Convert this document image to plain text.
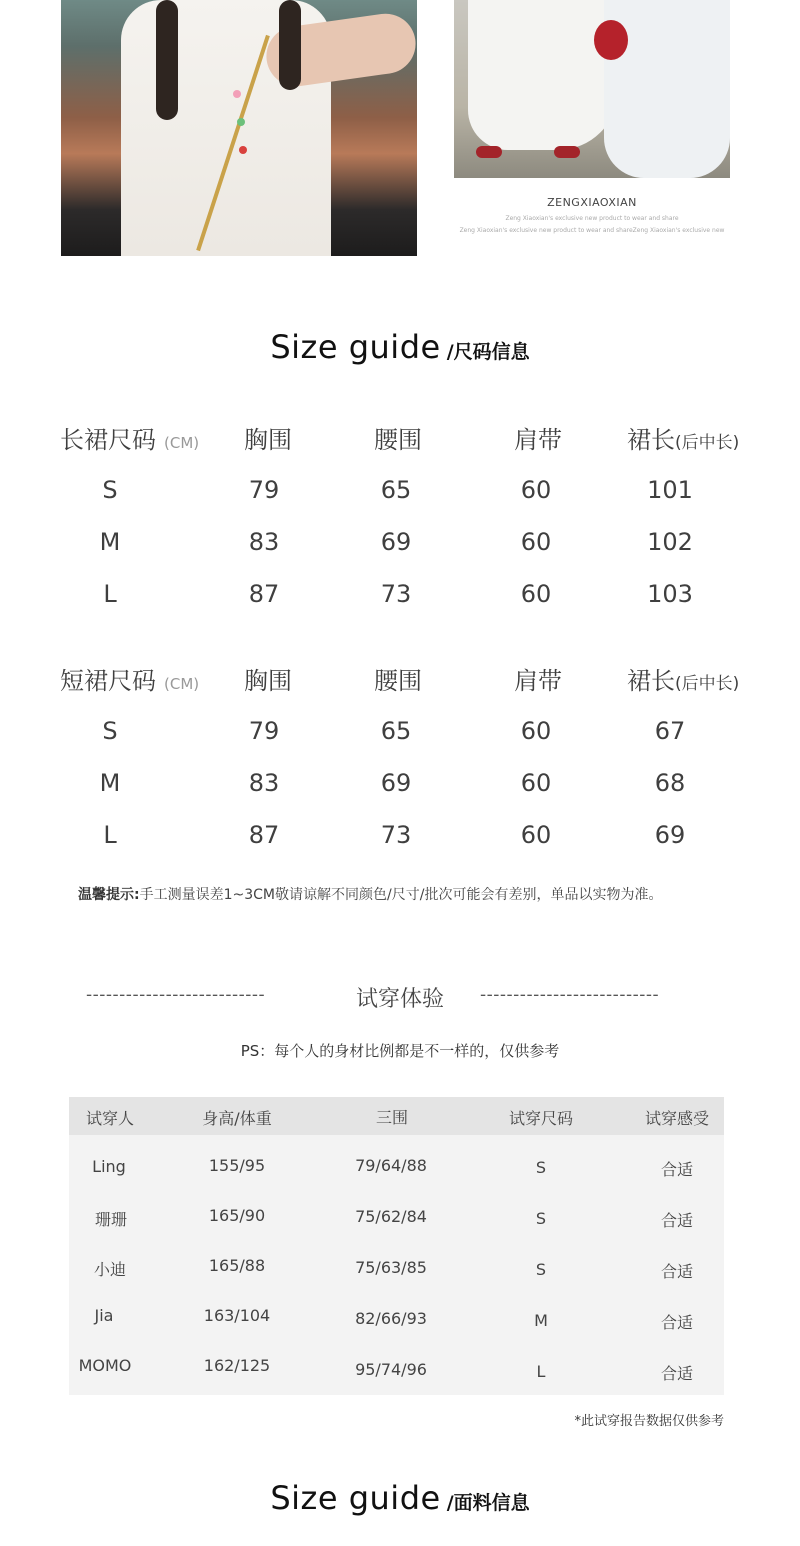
ZENGXIAOXIAN
Zeng Xiaoxian's exclusive new product to wear and share
Zeng Xiaoxian's exclusive new product to wear and shareZeng Xiaoxian's exclusive new
Size guide /尺码信息
长裙尺码 (CM)	胸围	腰围	肩带	裙长(后中长)
S	79	65	60	101
M	83	69	60	102
L	87	73	60	103
短裙尺码 (CM)	胸围	腰围	肩带	裙长(后中长)
S	79	65	60	67
M	83	69	60	68
L	87	73	60	69
温馨提示:手工测量误差1~3CM敬请谅解不同颜色/尺寸/批次可能会有差别，单品以实物为准。
---------------------------	试穿体验	---------------------------
PS：每个人的身材比例都是不一样的，仅供参考
试穿人	身高/体重	三围	试穿尺码	试穿感受
Ling	155/95	79/64/88	S	合适
珊珊	165/90	75/62/84	S	合适
小迪	165/88	75/63/85	S	合适
Jia	163/104	82/66/93	M	合适
MOMO	162/125	95/74/96	L	合适
*此试穿报告数据仅供参考
Size guide /面料信息
